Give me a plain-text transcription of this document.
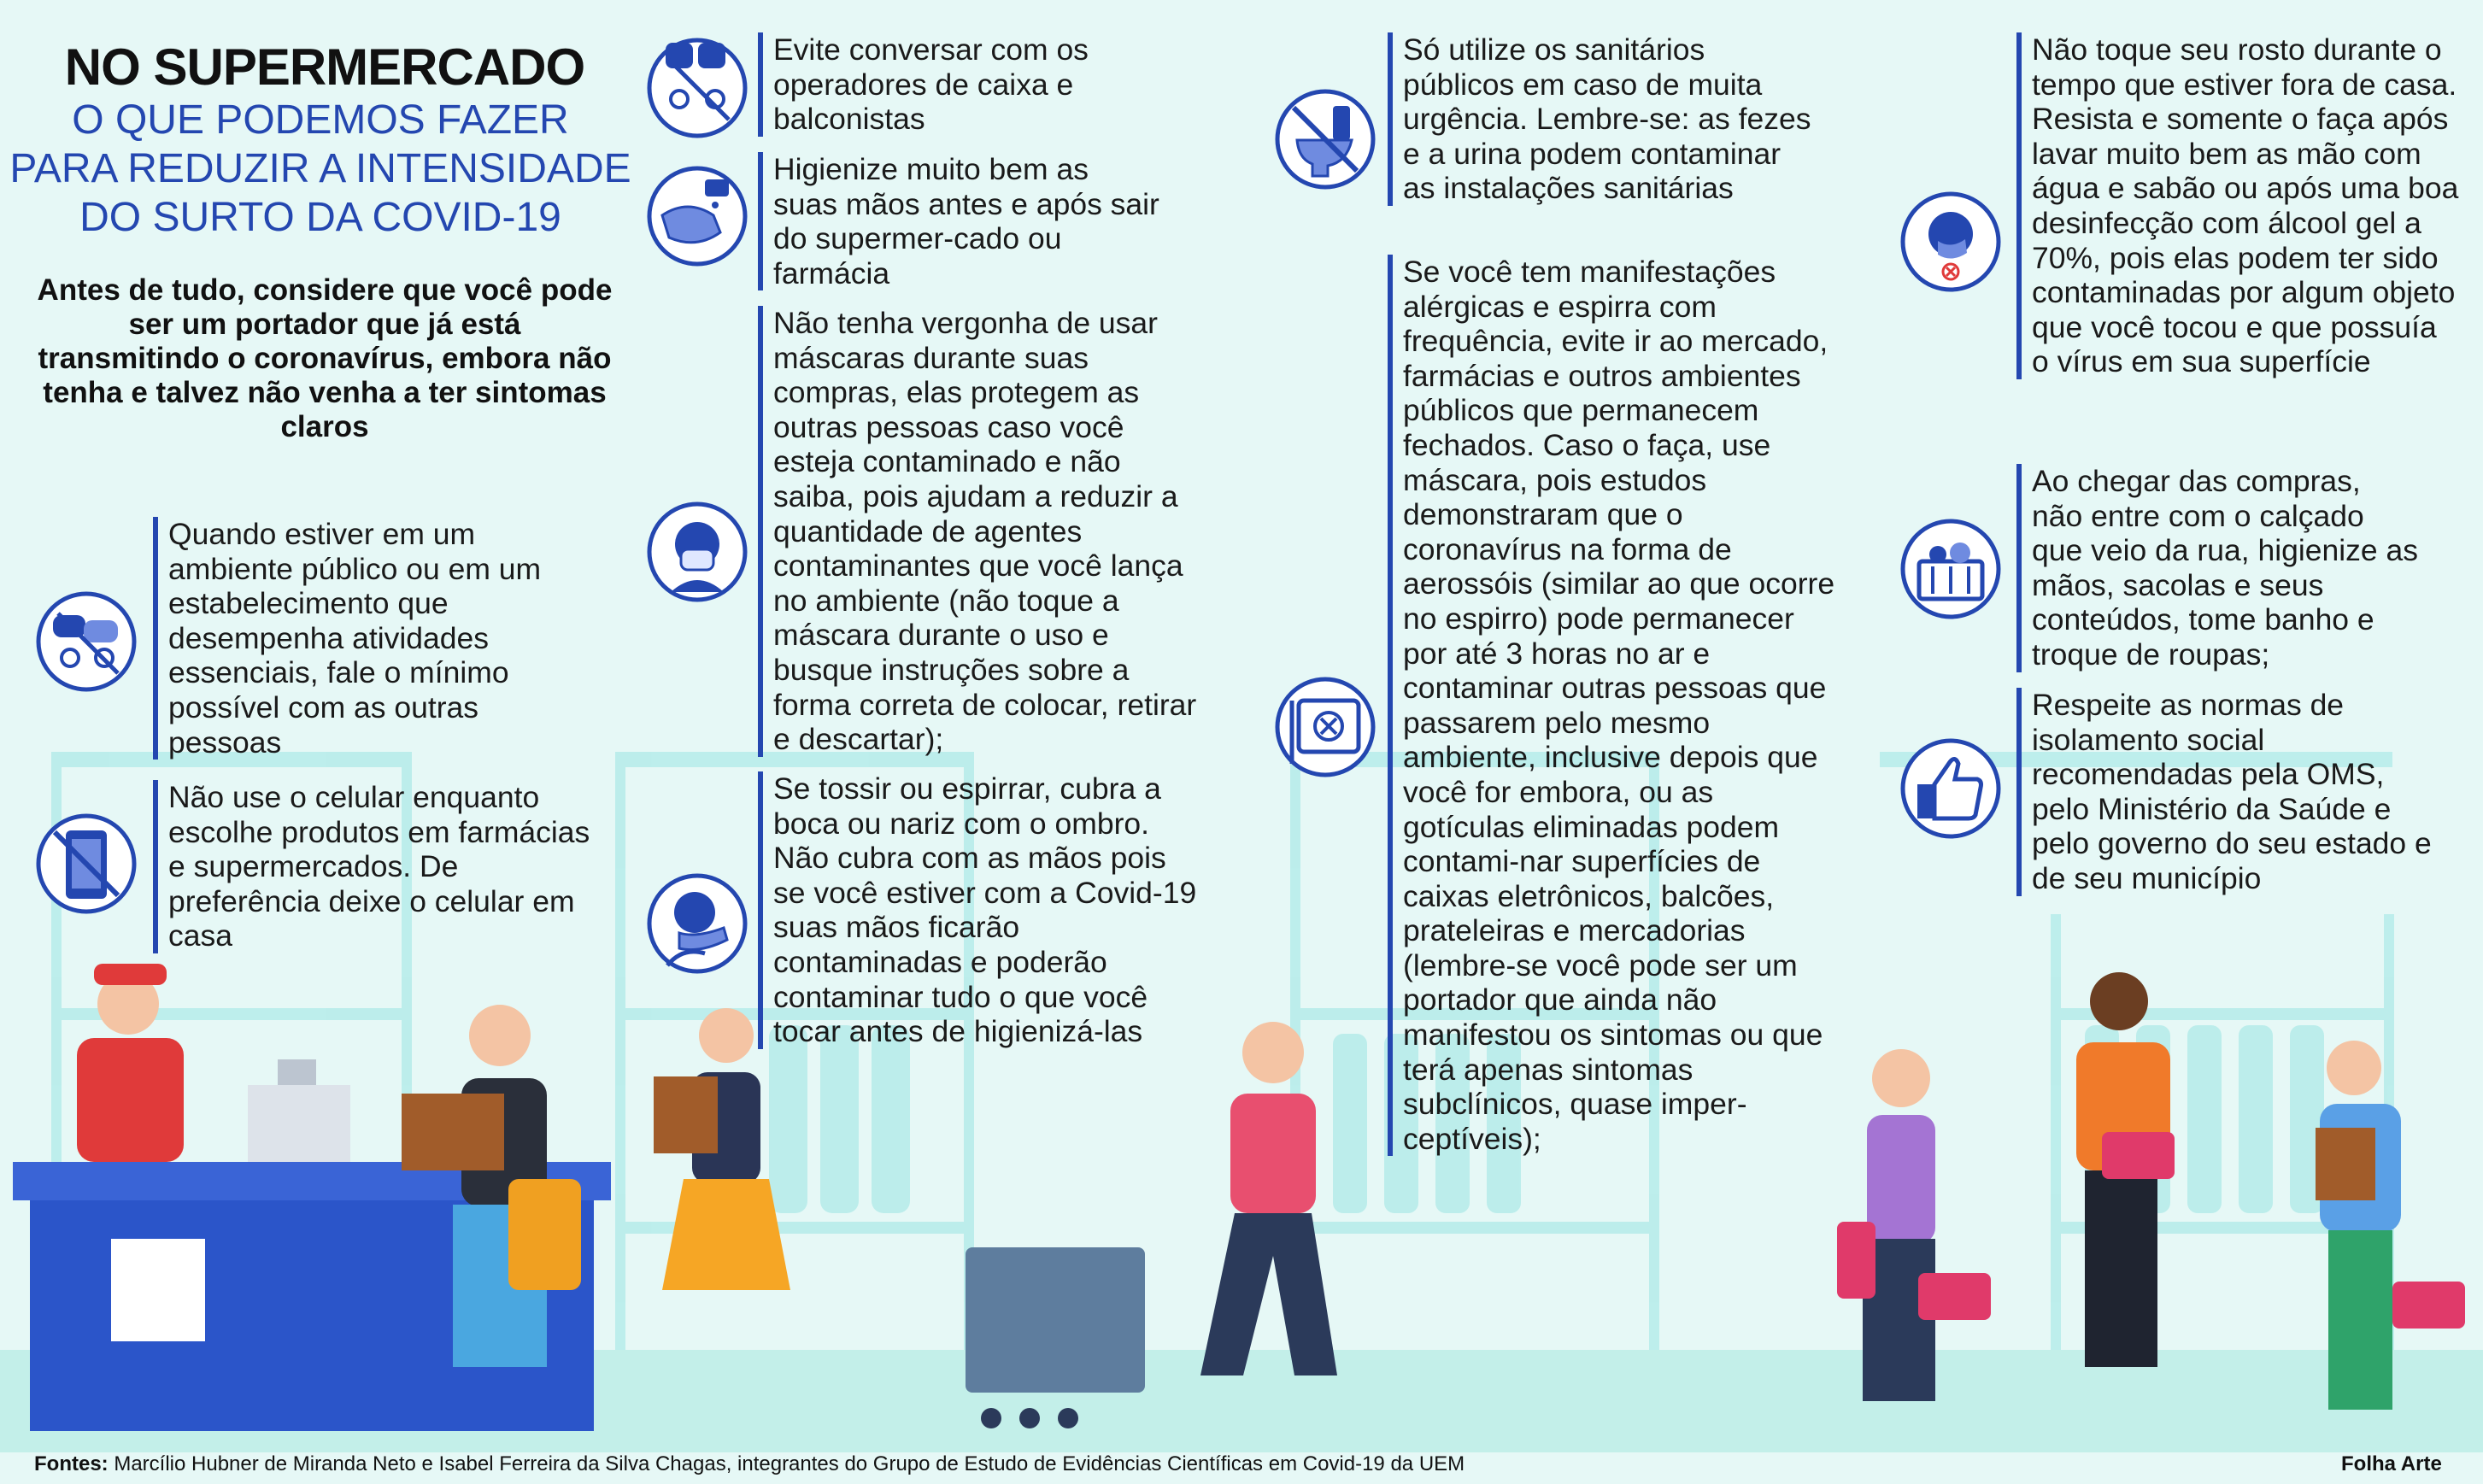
NO SUPERMERCADO
O QUE PODEMOS FAZER
PARA REDUZIR A INTENSIDADE
DO SURTO DA COVID-19
Antes de tudo, considere que você pode ser um portador que já está transmitindo o coronavírus, embora não tenha e talvez não venha a ter sintomas claros
Quando estiver em um ambiente público ou em um estabelecimento que desempenha atividades essenciais, fale o mínimo possível com as outras pessoas
Não use o celular enquanto escolhe produtos em farmácias e supermercados. De preferência deixe o celular em casa
Evite conversar com os operadores de caixa e balconistas
Higienize muito bem as suas mãos antes e após sair do supermer-cado ou farmácia
Não tenha vergonha de usar máscaras durante suas compras, elas protegem as outras pessoas caso você esteja contaminado e não saiba, pois ajudam a reduzir a quantidade de agentes contaminantes que você lança no ambiente (não toque a máscara durante o uso e busque instruções sobre a forma correta de colocar, retirar e descartar);
Se tossir ou espirrar, cubra a boca ou nariz com o ombro. Não cubra com as mãos pois se você estiver com a Covid-19 suas mãos ficarão contaminadas e poderão contaminar tudo o que você tocar antes de higienizá-las
Só utilize os sanitários públicos em caso de muita urgência. Lembre-se: as fezes e a urina podem contaminar as instalações sanitárias
Se você tem manifestações alérgicas e espirra com frequência, evite ir ao mercado, farmácias e outros ambientes públicos que permanecem fechados. Caso o faça, use máscara, pois estudos demonstraram que o coronavírus na forma de aerossóis (similar ao que ocorre no espirro) pode permanecer por até 3 horas no ar e contaminar outras pessoas que passarem pelo mesmo ambiente, inclusive depois que você for embora, ou as gotículas eliminadas podem contami-nar superfícies de caixas eletrônicos, balcões, prateleiras e mercadorias (lembre-se você pode ser um portador que ainda não manifestou os sintomas ou que terá apenas sintomas subclínicos, quase imper-ceptíveis);
Não toque seu rosto durante o tempo que estiver fora de casa. Resista e somente o faça após lavar muito bem as mão com água e sabão ou após uma boa desinfecção com álcool gel a 70%, pois elas podem ter sido contaminadas por algum objeto que você tocou e que possuía o vírus em sua superfície
Ao chegar das compras, não entre com o calçado que veio da rua, higienize as mãos, sacolas e seus conteúdos, tome banho e troque de roupas;
Respeite as normas de isolamento social recomendadas pela OMS, pelo Ministério da Saúde e pelo governo do seu estado e de seu município
Fontes: Marcílio Hubner de Miranda Neto e Isabel Ferreira da Silva Chagas, integrantes do Grupo de Estudo de Evidências Científicas em Covid-19 da UEM	Folha Arte
